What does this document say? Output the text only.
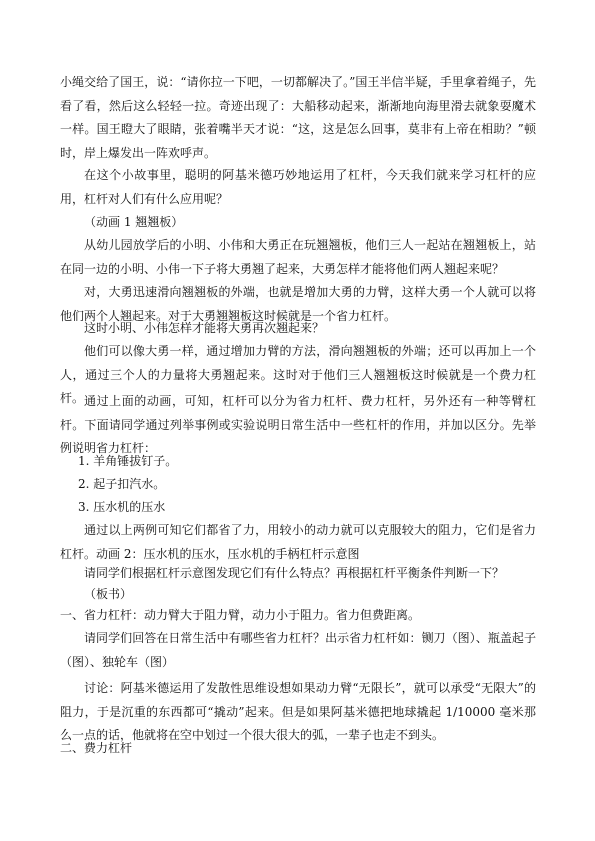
小绳交给了国王，说：“请你拉一下吧，一切都解决了。”国王半信半疑，手里拿着绳子，先看了看，然后这么轻轻一拉。奇迹出现了：大船移动起来，渐渐地向海里滑去就象耍魔术一样。国王瞪大了眼睛，张着嘴半天才说：“这，这是怎么回事，莫非有上帝在相助？”顿时，岸上爆发出一阵欢呼声。

在这个小故事里，聪明的阿基米德巧妙地运用了杠杆，今天我们就来学习杠杆的应用，杠杆对人们有什么应用呢？

（动画 1 翘翘板）

从幼儿园放学后的小明、小伟和大勇正在玩翘翘板，他们三人一起站在翘翘板上，站在同一边的小明、小伟一下子将大勇翘了起来，大勇怎样才能将他们两人翘起来呢？

对，大勇迅速滑向翘翘板的外端，也就是增加大勇的力臂，这样大勇一个人就可以将他们两个人翘起来。对于大勇翘翘板这时候就是一个省力杠杆。

这时小明、小伟怎样才能将大勇再次翘起来？

他们可以像大勇一样，通过增加力臂的方法，滑向翘翘板的外端；还可以再加上一个人，通过三个人的力量将大勇翘起来。这时对于他们三人翘翘板这时候就是一个费力杠杆。 通过上面的动画，可知，杠杆可以分为省力杠杆、费力杠杆，另外还有一种等臂杠杆。下面请同学通过列举事例或实验说明日常生活中一些杠杆的作用，并加以区分。先举例说明省力杠杆：

1. 羊角锤拔钉子。

2. 起子扣汽水。

3. 压水机的压水

通过以上两例可知它们都省了力，用较小的动力就可以克服较大的阻力，它们是省力杠杆。动画 2：压水机的压水，压水机的手柄杠杆示意图

请同学们根据杠杆示意图发现它们有什么特点？再根据杠杆平衡条件判断一下？

（板书）

一、省力杠杆：动力臂大于阻力臂，动力小于阻力。省力但费距离。

请同学们回答在日常生活中有哪些省力杠杆？出示省力杠杆如：铡刀（图）、瓶盖起子（图）、独轮车（图）

讨论：阿基米德运用了发散性思维设想如果动力臂“无限长”，就可以承受“无限大”的阻力，于是沉重的东西都可“撬动”起来。但是如果阿基米德把地球撬起 1/10000 毫米那么一点的话，他就将在空中划过一个很大很大的弧，一辈子也走不到头。

二、费力杠杆
